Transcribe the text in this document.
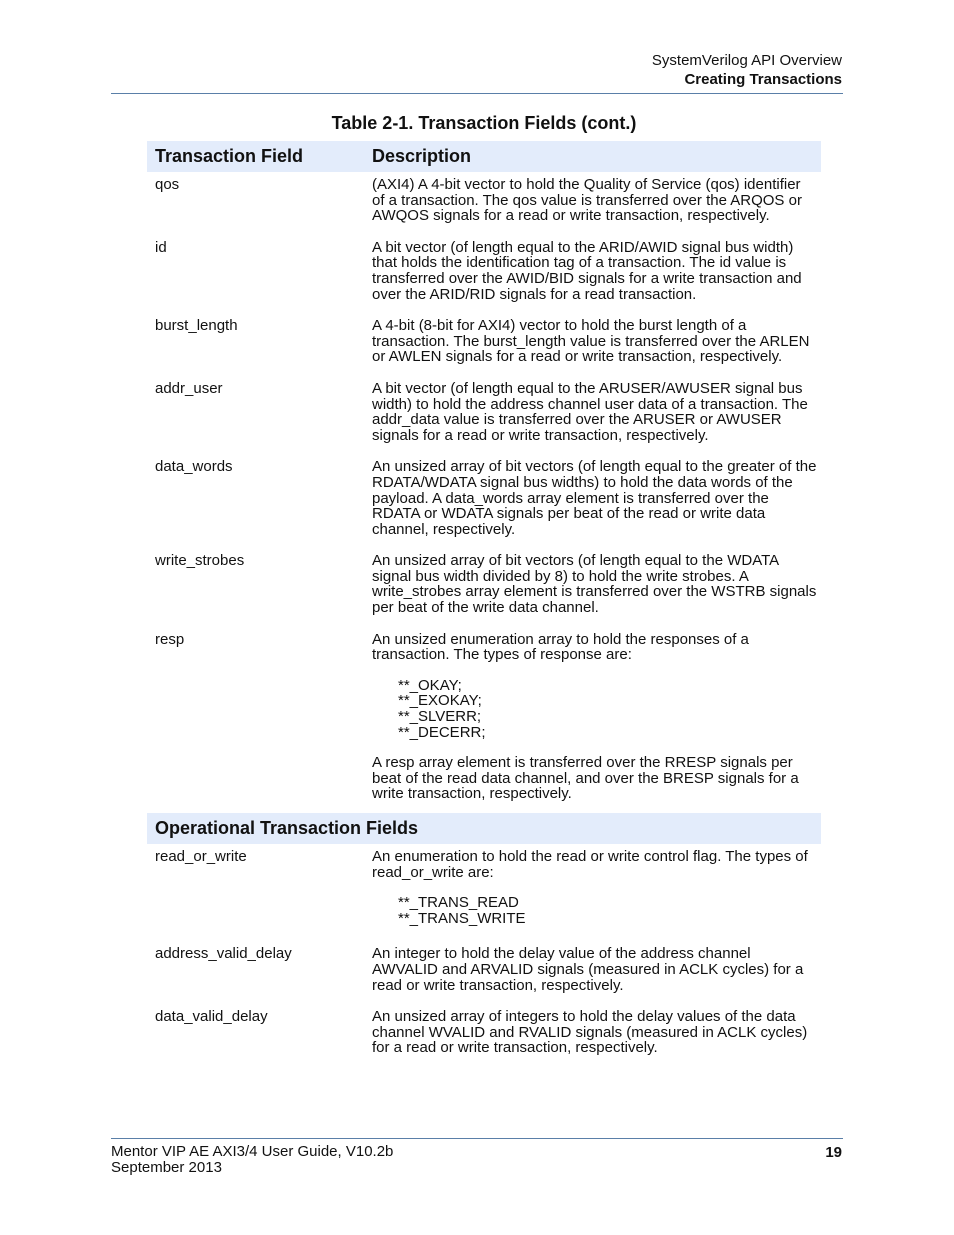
SystemVerilog API Overview
Creating Transactions
Table 2-1. Transaction Fields (cont.)
Transaction Field	Description
qos	(AXI4) A 4-bit vector to hold the Quality of Service (qos) identifier of a transaction. The qos value is transferred over the ARQOS or AWQOS signals for a read or write transaction, respectively.

id	A bit vector (of length equal to the ARID/AWID signal bus width) that holds the identification tag of a transaction. The id value is transferred over the AWID/BID signals for a write transaction and over the ARID/RID signals for a read transaction.

burst_length	A 4-bit (8-bit for AXI4) vector to hold the burst length of a transaction. The burst_length value is transferred over the ARLEN or AWLEN signals for a read or write transaction, respectively.

addr_user	A bit vector (of length equal to the ARUSER/AWUSER signal bus width) to hold the address channel user data of a transaction. The addr_data value is transferred over the ARUSER or AWUSER signals for a read or write transaction, respectively.

data_words	An unsized array of bit vectors (of length equal to the greater of the RDATA/WDATA signal bus widths) to hold the data words of the payload. A data_words array element is transferred over the RDATA or WDATA signals per beat of the read or write data channel, respectively.

write_strobes	An unsized array of bit vectors (of length equal to the WDATA signal bus width divided by 8) to hold the write strobes. A write_strobes array element is transferred over the WSTRB signals per beat of the write data channel.

resp	An unsized enumeration array to hold the responses of a transaction. The types of response are:

**_OKAY;
**_EXOKAY;
**_SLVERR;
**_DECERR;

A resp array element is transferred over the RRESP signals per beat of the read data channel, and over the BRESP signals for a write transaction, respectively.

Operational Transaction Fields
read_or_write	An enumeration to hold the read or write control flag. The types of read_or_write are:

**_TRANS_READ
**_TRANS_WRITE
address_valid_delay	An integer to hold the delay value of the address channel AWVALID and ARVALID signals (measured in ACLK cycles) for a read or write transaction, respectively.

data_valid_delay	An unsized array of integers to hold the delay values of the data channel WVALID and RVALID signals (measured in ACLK cycles) for a read or write transaction, respectively.

Mentor VIP AE AXI3/4 User Guide, V10.2b
September 2013
19
